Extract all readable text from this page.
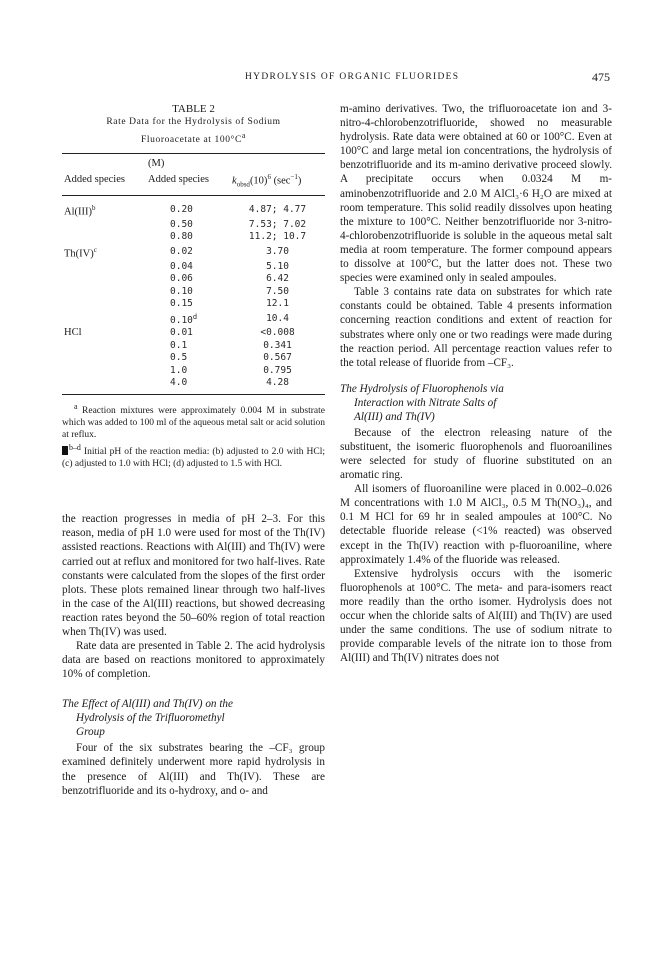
HYDROLYSIS OF ORGANIC FLUORIDES	475
TABLE 2
Rate Data for the Hydrolysis of Sodium
Fluoroacetate at $100^\circ C^a$
	(M)	
Added species	Added species	$k_{obsd}(10)^6$ $(\sec^{-1})$
Al(III)$^b$	0.20	4.87; 4.77
	0.50	7.53; 7.02
	0.80	11.2; 10.7
Th(IV)$^c$	0.02	3.70
	0.04	5.10
	0.06	6.42
	0.10	7.50
	0.15	12.1
	0.10$^d$	10.4
HCl	0.01	<0.008
	0.1	0.341
	0.5	0.567
	1.0	0.795
	4.0	4.28

$^a$ Reaction mixtures were approximately 0.004 M in substrate which was added to 100 ml of the aqueous metal salt or acid solution at reflux.

$^{b-d}$ Initial pH of the reaction media: (b) adjusted to 2.0 with HCl; (c) adjusted to 1.0 with HCl; (d) adjusted to 1.5 with HCl.

the reaction progresses in media of pH 2–3. For this reason, media of pH 1.0 were used for most of the Th(IV) assisted reactions. Reactions with Al(III) and Th(IV) were carried out at reflux and monitored for two half-lives. Rate constants were calculated from the slopes of the first order plots. These plots remained linear through two half-lives in the case of the Al(III) reactions, but showed decreasing reaction rates beyond the 50–60% region of total reaction when Th(IV) was used.

Rate data are presented in Table 2. The acid hydrolysis data are based on reactions monitored to approximately 10% of completion.

The Effect of Al(III) and Th(IV) on the
Hydrolysis of the Trifluoromethyl
Group

Four of the six substrates bearing the –CF₃ group examined definitely underwent more rapid hydrolysis in the presence of Al(III) and Th(IV). These are benzotrifluoride and its o-hydroxy, and o- and

m-amino derivatives. Two, the trifluoroacetate ion and 3-nitro-4-chlorobenzotrifluoride, showed no measurable hydrolysis. Rate data were obtained at 60 or 100°C. Even at 100°C and large metal ion concentrations, the hydrolysis of benzotrifluoride and its m-amino derivative proceed slowly. A precipitate occurs when 0.0324 M m-aminobenzotrifluoride and 2.0 M AlCl₃·6 H₂O are mixed at room temperature. This solid readily dissolves upon heating the mixture to 100°C. Neither benzotrifluoride nor 3-nitro-4-chlorobenzotrifluoride is soluble in the aqueous metal salt media at room temperature. The former compound appears to dissolve at 100°C, but the latter does not. These two species were examined only in sealed ampoules.

Table 3 contains rate data on substrates for which rate constants could be obtained. Table 4 presents information concerning reaction conditions and extent of reaction for substrates where only one or two readings were made during the reaction period. All percentage reaction values refer to the total release of fluoride from –CF₃.

The Hydrolysis of Fluorophenols via
Interaction with Nitrate Salts of
Al(III) and Th(IV)

Because of the electron releasing nature of the substituent, the isomeric fluorophenols and fluoroanilines were selected for study of fluorine substituted on an aromatic ring.

All isomers of fluoroaniline were placed in 0.002–0.026 M concentrations with 1.0 M AlCl₃, 0.5 M Th(NO₃)₄, and 0.1 M HCl for 69 hr in sealed ampoules at 100°C. No detectable fluoride release (<1% reacted) was observed except in the Th(IV) reaction with p-fluoroaniline, where approximately 1.4% of the fluoride was released.

Extensive hydrolysis occurs with the isomeric fluorophenols at 100°C. The meta- and para-isomers react more readily than the ortho isomer. Hydrolysis does not occur when the chloride salts of Al(III) and Th(IV) are used under the same conditions. The use of sodium nitrate to provide comparable levels of the nitrate ion to those from Al(III) and Th(IV) nitrates does not
